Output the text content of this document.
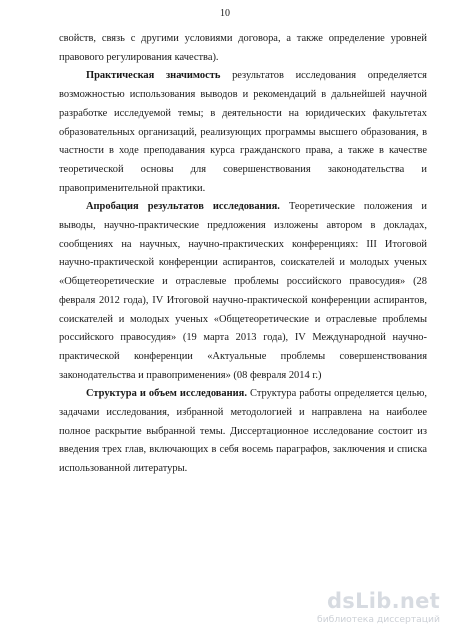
10

свойств, связь с другими условиями договора, а также определение уровней правового регулирования качества).

Практическая значимость результатов исследования определяется возможностью использования выводов и рекомендаций в дальнейшей научной разработке исследуемой темы; в деятельности на юридических факультетах образовательных организаций, реализующих программы высшего образования, в частности в ходе преподавания курса гражданского права, а также в качестве теоретической основы для совершенствования законодательства и правоприменительной практики.

Апробация результатов исследования. Теоретические положения и выводы, научно-практические предложения изложены автором в докладах, сообщениях на научных, научно-практических конференциях: III Итоговой научно-практической конференции аспирантов, соискателей и молодых ученых «Общетеоретические и отраслевые проблемы российского правосудия» (28 февраля 2012 года), IV Итоговой научно-практической конференции аспирантов, соискателей и молодых ученых «Общетеоретические и отраслевые проблемы российского правосудия» (19 марта 2013 года), IV Международной научно-практической конференции «Актуальные проблемы совершенствования законодательства и правоприменения» (08 февраля 2014 г.)

Структура и объем исследования. Структура работы определяется целью, задачами исследования, избранной методологией и направлена на наиболее полное раскрытие выбранной темы. Диссертационное исследование состоит из введения трех глав, включающих в себя восемь параграфов, заключения и списка использованной литературы.

dsLib.net
библиотека диссертаций
